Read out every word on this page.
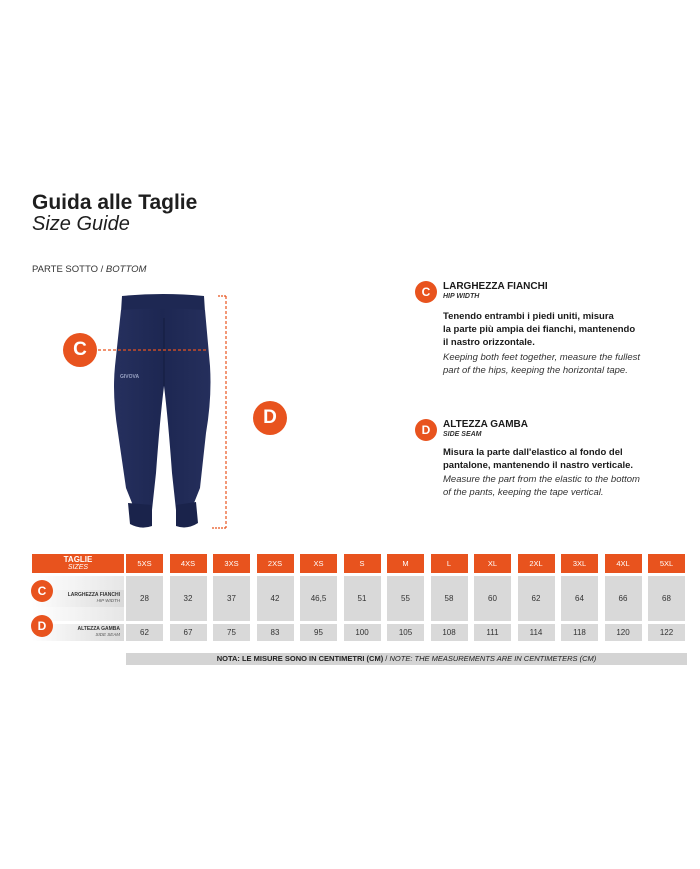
Guida alle Taglie
Size Guide
PARTE SOTTO / BOTTOM
GIVOVA
C
D
C	LARGHEZZA FIANCHI
HIP WIDTH
Tenendo entrambi i piedi uniti, misura
la parte più ampia dei fianchi, mantenendo
il nastro orizzontale.
Keeping both feet together, measure the fullest
part of the hips, keeping the horizontal tape.
D	ALTEZZA GAMBA
SIDE SEAM
Misura la parte dall'elastico al fondo del
pantalone, mantenendo il nastro verticale.
Measure the part from the elastic to the bottom
of the pants, keeping the tape vertical.
TAGLIE
SIZES	5XS	4XS	3XS	2XS	XS	S	M	L	XL	2XL	3XL	4XL	5XL
LARGHEZZA FIANCHI
HIP WIDTH
C
28	32	37	42	46,5	51	55	58	60	62	64	66	68
ALTEZZA GAMBA
SIDE SEAM
D	62	67	75	83	95	100	105	108	111	114	118	120	122
NOTA: LE MISURE SONO IN CENTIMETRI (CM) / NOTE: THE MEASUREMENTS ARE IN CENTIMETERS (CM)
